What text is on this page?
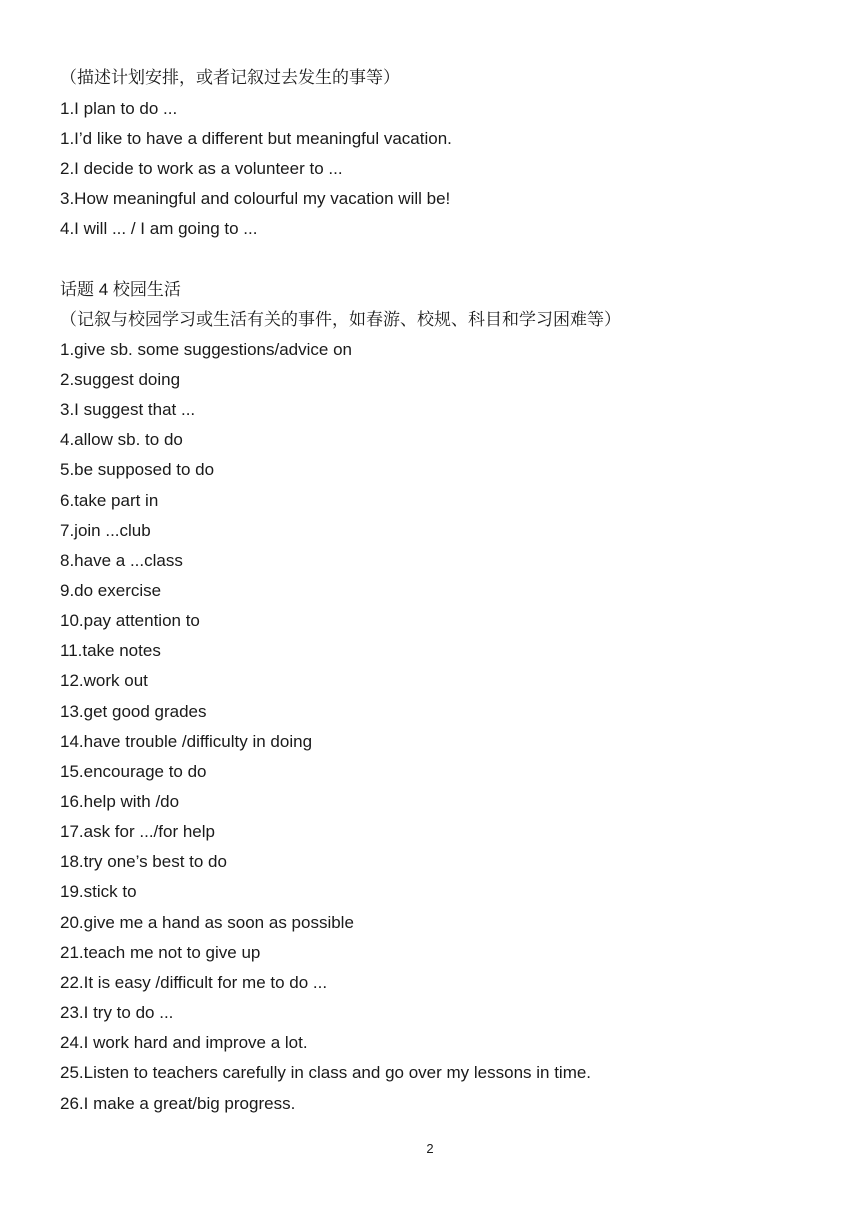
（描述计划安排，或者记叙过去发生的事等）
1.I plan to do ...
1.I’d like to have a different but meaningful vacation.
2.I decide to work as a volunteer to ...
3.How meaningful and colourful my vacation will be!
4.I will ... / I am going to ...
话题 4 校园生活
（记叙与校园学习或生活有关的事件，如春游、校规、科目和学习困难等）
1.give sb. some suggestions/advice on
2.suggest doing
3.I suggest that ...
4.allow sb. to do
5.be supposed to do
6.take part in
7.join ...club
8.have a ...class
9.do exercise
10.pay attention to
11.take notes
12.work out
13.get good grades
14.have trouble /difficulty in doing
15.encourage to do
16.help with /do
17.ask for .../for help
18.try one’s best to do
19.stick to
20.give me a hand as soon as possible
21.teach me not to give up
22.It is easy /difficult for me to do ...
23.I try to do ...
24.I work hard and improve a lot.
25.Listen to teachers carefully in class and go over my lessons in time.
26.I make a great/big progress.
2
